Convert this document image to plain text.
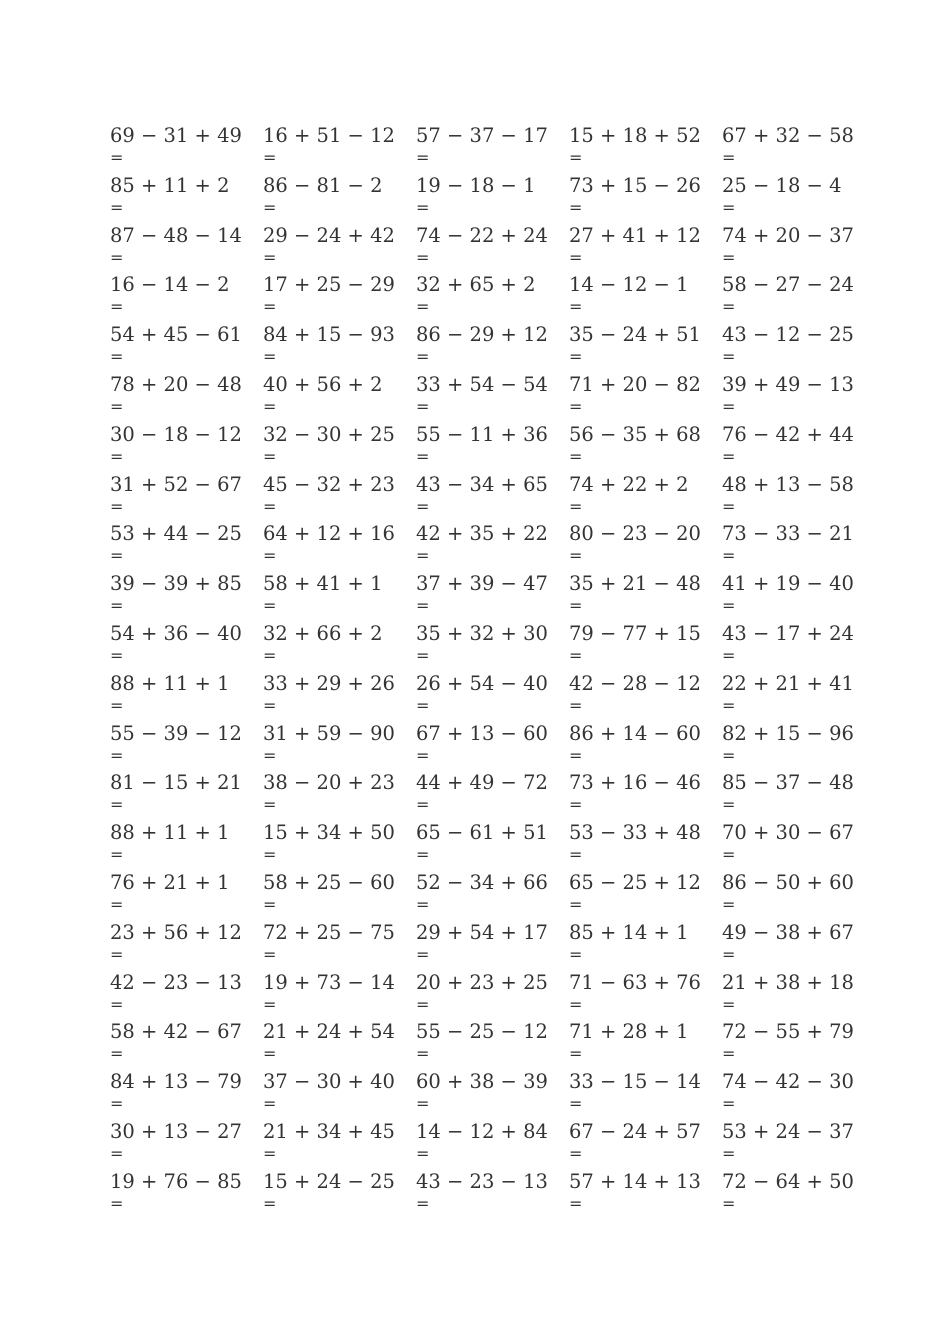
69 − 31 + 49
=
16 + 51 − 12
=
57 − 37 − 17
=
15 + 18 + 52
=
67 + 32 − 58
=
85 + 11 + 2
=
86 − 81 − 2
=
19 − 18 − 1
=
73 + 15 − 26
=
25 − 18 − 4
=
87 − 48 − 14
=
29 − 24 + 42
=
74 − 22 + 24
=
27 + 41 + 12
=
74 + 20 − 37
=
16 − 14 − 2
=
17 + 25 − 29
=
32 + 65 + 2
=
14 − 12 − 1
=
58 − 27 − 24
=
54 + 45 − 61
=
84 + 15 − 93
=
86 − 29 + 12
=
35 − 24 + 51
=
43 − 12 − 25
=
78 + 20 − 48
=
40 + 56 + 2
=
33 + 54 − 54
=
71 + 20 − 82
=
39 + 49 − 13
=
30 − 18 − 12
=
32 − 30 + 25
=
55 − 11 + 36
=
56 − 35 + 68
=
76 − 42 + 44
=
31 + 52 − 67
=
45 − 32 + 23
=
43 − 34 + 65
=
74 + 22 + 2
=
48 + 13 − 58
=
53 + 44 − 25
=
64 + 12 + 16
=
42 + 35 + 22
=
80 − 23 − 20
=
73 − 33 − 21
=
39 − 39 + 85
=
58 + 41 + 1
=
37 + 39 − 47
=
35 + 21 − 48
=
41 + 19 − 40
=
54 + 36 − 40
=
32 + 66 + 2
=
35 + 32 + 30
=
79 − 77 + 15
=
43 − 17 + 24
=
88 + 11 + 1
=
33 + 29 + 26
=
26 + 54 − 40
=
42 − 28 − 12
=
22 + 21 + 41
=
55 − 39 − 12
=
31 + 59 − 90
=
67 + 13 − 60
=
86 + 14 − 60
=
82 + 15 − 96
=
81 − 15 + 21
=
38 − 20 + 23
=
44 + 49 − 72
=
73 + 16 − 46
=
85 − 37 − 48
=
88 + 11 + 1
=
15 + 34 + 50
=
65 − 61 + 51
=
53 − 33 + 48
=
70 + 30 − 67
=
76 + 21 + 1
=
58 + 25 − 60
=
52 − 34 + 66
=
65 − 25 + 12
=
86 − 50 + 60
=
23 + 56 + 12
=
72 + 25 − 75
=
29 + 54 + 17
=
85 + 14 + 1
=
49 − 38 + 67
=
42 − 23 − 13
=
19 + 73 − 14
=
20 + 23 + 25
=
71 − 63 + 76
=
21 + 38 + 18
=
58 + 42 − 67
=
21 + 24 + 54
=
55 − 25 − 12
=
71 + 28 + 1
=
72 − 55 + 79
=
84 + 13 − 79
=
37 − 30 + 40
=
60 + 38 − 39
=
33 − 15 − 14
=
74 − 42 − 30
=
30 + 13 − 27
=
21 + 34 + 45
=
14 − 12 + 84
=
67 − 24 + 57
=
53 + 24 − 37
=
19 + 76 − 85
=
15 + 24 − 25
=
43 − 23 − 13
=
57 + 14 + 13
=
72 − 64 + 50
=
